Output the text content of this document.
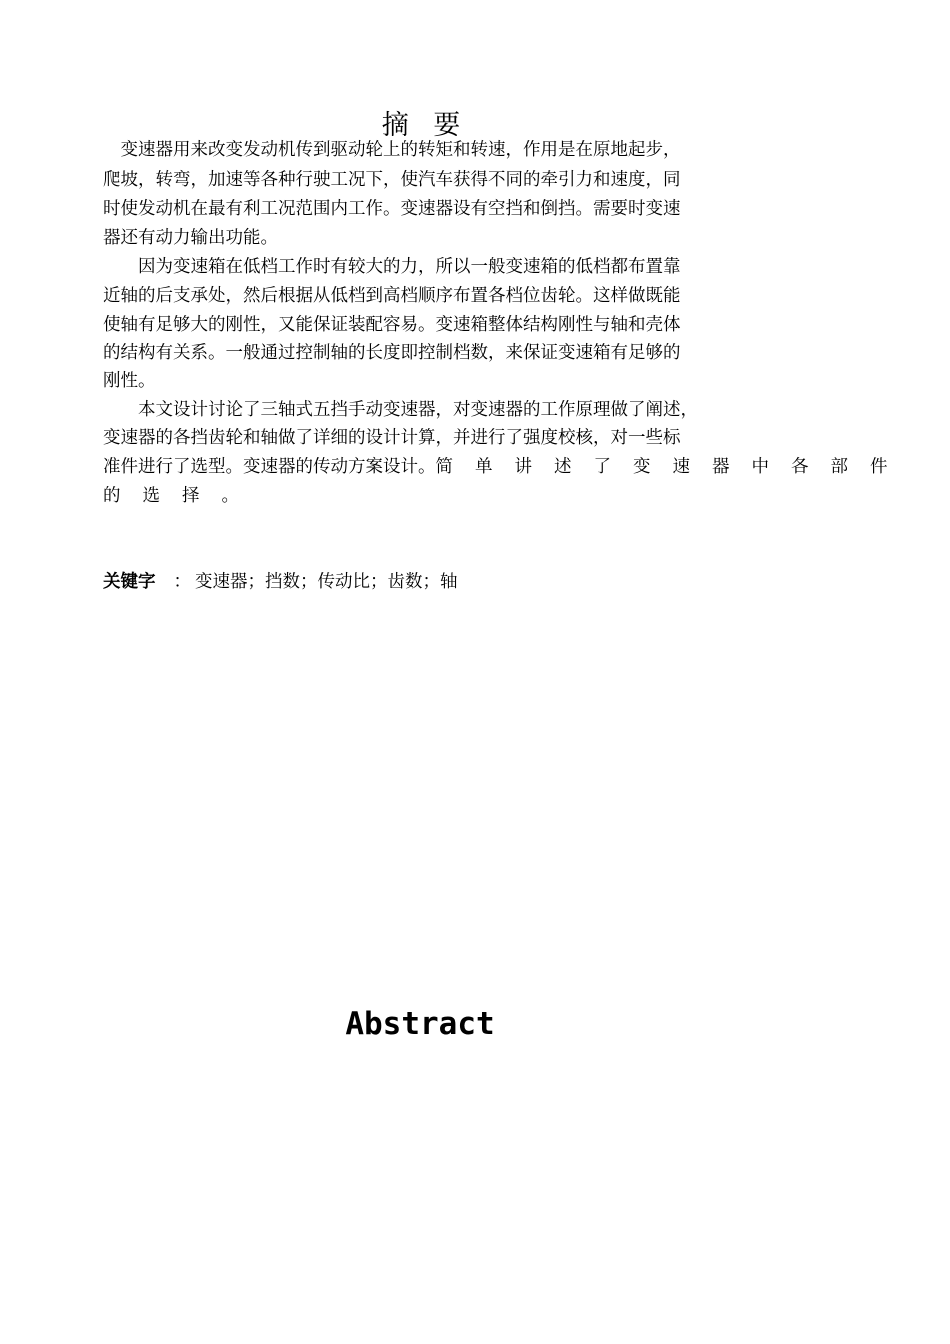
摘 要
　变速器用来改变发动机传到驱动轮上的转矩和转速，作用是在原地起步，
爬坡，转弯，加速等各种行驶工况下，使汽车获得不同的牵引力和速度，同
时使发动机在最有利工况范围内工作。变速器设有空挡和倒挡。需要时变速
器还有动力输出功能。
　　因为变速箱在低档工作时有较大的力，所以一般变速箱的低档都布置靠
近轴的后支承处，然后根据从低档到高档顺序布置各档位齿轮。这样做既能
使轴有足够大的刚性，又能保证装配容易。变速箱整体结构刚性与轴和壳体
的结构有关系。一般通过控制轴的长度即控制档数，来保证变速箱有足够的
刚性。
　　本文设计讨论了三轴式五挡手动变速器，对变速器的工作原理做了阐述，
变速器的各挡齿轮和轴做了详细的设计计算，并进行了强度校核，对一些标
准件进行了选型。变速器的传动方案设计。简单讲述了变速器中各部件
的选择。
关键字 ： 变速器；挡数；传动比；齿数；轴
Abstract
